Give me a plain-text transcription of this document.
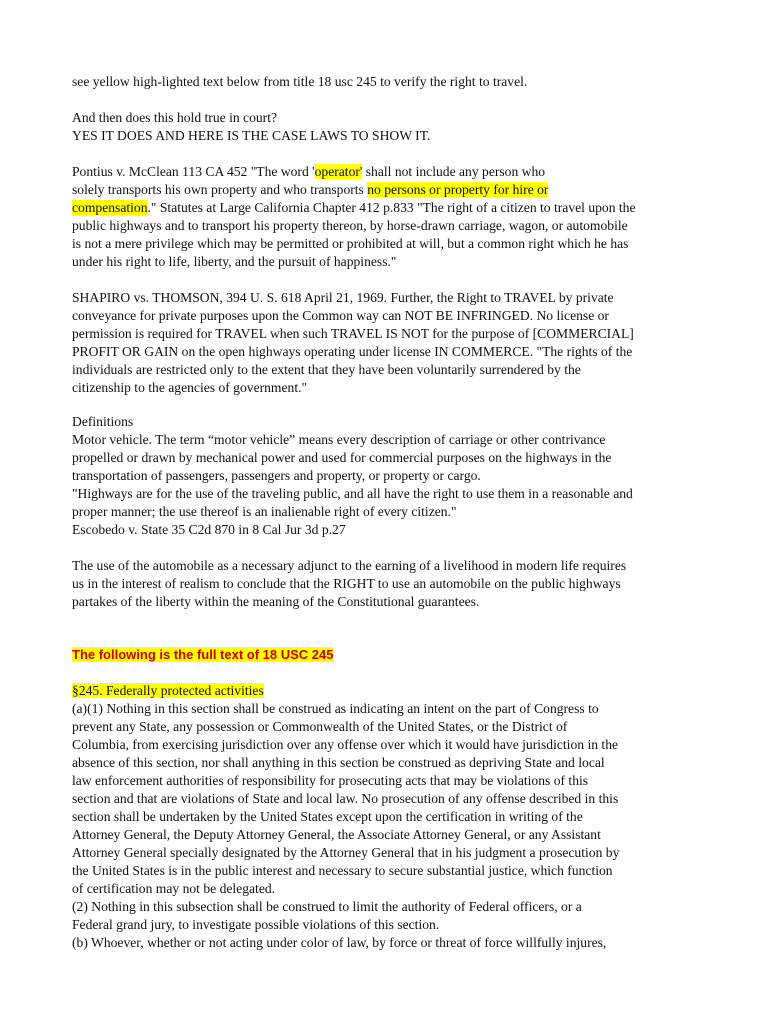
see yellow high-lighted text below from title 18 usc 245 to verify the right to travel.
And then does this hold true in court?
YES IT DOES AND HERE IS THE CASE LAWS TO SHOW IT.
Pontius v. McClean 113 CA 452 "The word 'operator' shall not include any person who
solely transports his own property and who transports no persons or property for hire or
compensation." Statutes at Large California Chapter 412 p.833 "The right of a citizen to travel upon the
public highways and to transport his property thereon, by horse-drawn carriage, wagon, or automobile
is not a mere privilege which may be permitted or prohibited at will, but a common right which he has
under his right to life, liberty, and the pursuit of happiness."
SHAPIRO vs. THOMSON, 394 U. S. 618 April 21, 1969. Further, the Right to TRAVEL by private
conveyance for private purposes upon the Common way can NOT BE INFRINGED. No license or
permission is required for TRAVEL when such TRAVEL IS NOT for the purpose of [COMMERCIAL]
PROFIT OR GAIN on the open highways operating under license IN COMMERCE. "The rights of the
individuals are restricted only to the extent that they have been voluntarily surrendered by the
citizenship to the agencies of government."
Definitions
Motor vehicle. The term “motor vehicle” means every description of carriage or other contrivance
propelled or drawn by mechanical power and used for commercial purposes on the highways in the
transportation of passengers, passengers and property, or property or cargo.
"Highways are for the use of the traveling public, and all have the right to use them in a reasonable and
proper manner; the use thereof is an inalienable right of every citizen."
Escobedo v. State 35 C2d 870 in 8 Cal Jur 3d p.27
The use of the automobile as a necessary adjunct to the earning of a livelihood in modern life requires
us in the interest of realism to conclude that the RIGHT to use an automobile on the public highways
partakes of the liberty within the meaning of the Constitutional guarantees.
The following is the full text of 18 USC 245
§245. Federally protected activities
(a)(1) Nothing in this section shall be construed as indicating an intent on the part of Congress to
prevent any State, any possession or Commonwealth of the United States, or the District of
Columbia, from exercising jurisdiction over any offense over which it would have jurisdiction in the
absence of this section, nor shall anything in this section be construed as depriving State and local
law enforcement authorities of responsibility for prosecuting acts that may be violations of this
section and that are violations of State and local law. No prosecution of any offense described in this
section shall be undertaken by the United States except upon the certification in writing of the
Attorney General, the Deputy Attorney General, the Associate Attorney General, or any Assistant
Attorney General specially designated by the Attorney General that in his judgment a prosecution by
the United States is in the public interest and necessary to secure substantial justice, which function
of certification may not be delegated.
(2) Nothing in this subsection shall be construed to limit the authority of Federal officers, or a
Federal grand jury, to investigate possible violations of this section.
(b) Whoever, whether or not acting under color of law, by force or threat of force willfully injures,
